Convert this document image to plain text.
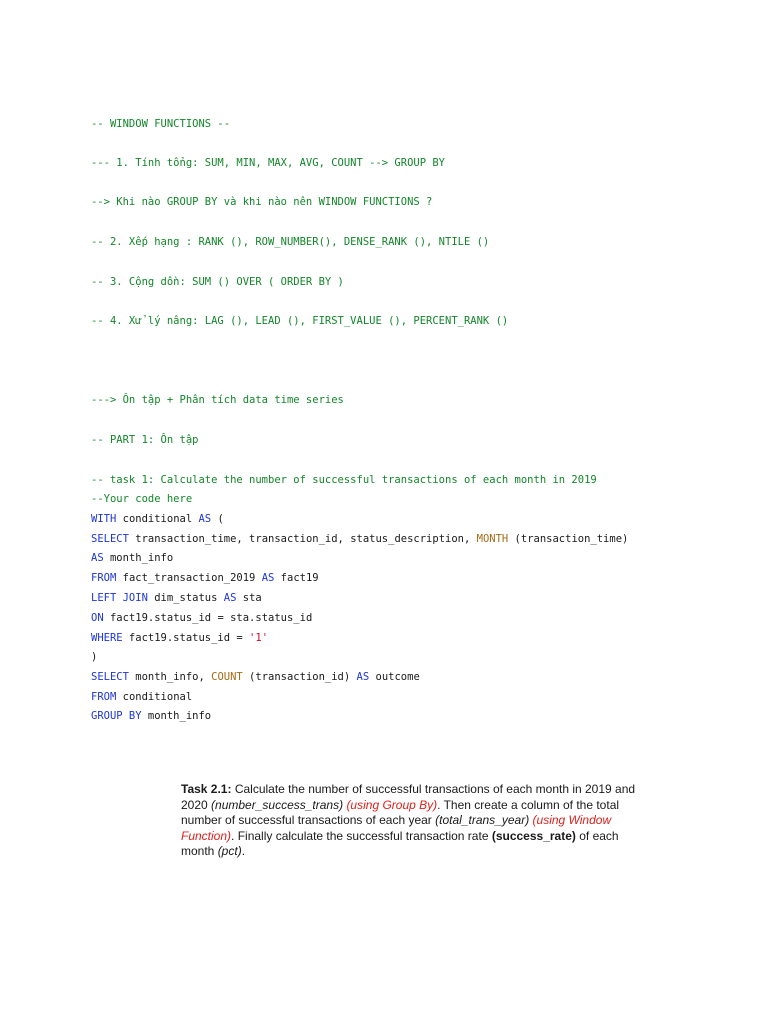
-- WINDOW FUNCTIONS --
--- 1. Tính tổng: SUM, MIN, MAX, AVG, COUNT --> GROUP BY
--> Khi nào GROUP BY và khi nào nên WINDOW FUNCTIONS ?
-- 2. Xếp hạng : RANK (), ROW_NUMBER(), DENSE_RANK (), NTILE ()
-- 3. Cộng dồn: SUM () OVER ( ORDER BY )
-- 4. Xử lý nâng: LAG (), LEAD (), FIRST_VALUE (), PERCENT_RANK ()
---> Ôn tập + Phân tích data time series
-- PART 1: Ôn tập
-- task 1: Calculate the number of successful transactions of each month in 2019
--Your code here
WITH conditional AS (
SELECT transaction_time, transaction_id, status_description, MONTH (transaction_time)
AS month_info
FROM fact_transaction_2019 AS fact19
LEFT JOIN dim_status AS sta
ON fact19.status_id = sta.status_id
WHERE fact19.status_id = '1'
)
SELECT month_info, COUNT (transaction_id) AS outcome
FROM conditional
GROUP BY month_info
Task 2.1: Calculate the number of successful transactions of each month in 2019 and 2020 (number_success_trans) (using Group By). Then create a column of the total number of successful transactions of each year (total_trans_year) (using Window Function). Finally calculate the successful transaction rate (success_rate) of each month (pct).
